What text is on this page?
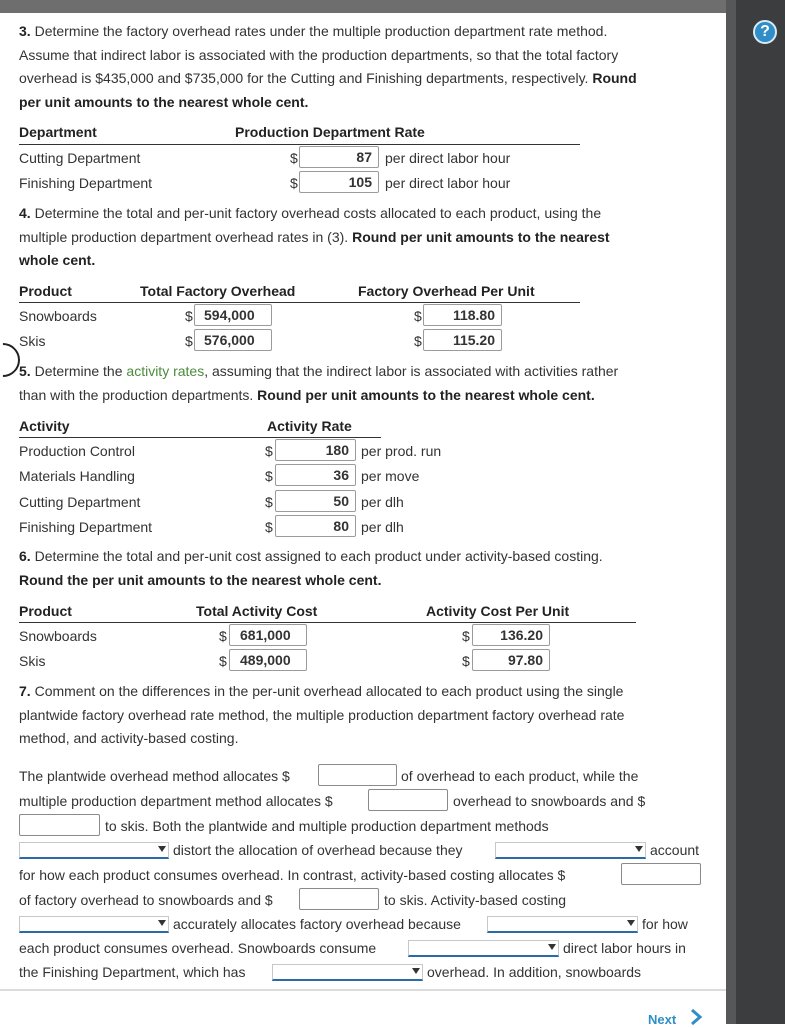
?
3. Determine the factory overhead rates under the multiple production department rate method.
Assume that indirect labor is associated with the production departments, so that the total factory
overhead is $435,000 and $735,000 for the Cutting and Finishing departments, respectively. Round
per unit amounts to the nearest whole cent.
Department	Production Department Rate
Cutting Department	$	87 per direct labor hour
Finishing Department	$	105 per direct labor hour
4. Determine the total and per-unit factory overhead costs allocated to each product, using the
multiple production department overhead rates in (3). Round per unit amounts to the nearest
whole cent.
Product	Total Factory Overhead	Factory Overhead Per Unit
Snowboards	$ 594,000	$	118.80
Skis	$ 576,000	$	115.20
5. Determine the activity rates, assuming that the indirect labor is associated with activities rather
than with the production departments. Round per unit amounts to the nearest whole cent.
Activity	Activity Rate
Production Control	$	180 per prod. run
Materials Handling	$	36 per move
Cutting Department	$	50 per dlh
Finishing Department	$	80 per dlh
6. Determine the total and per-unit cost assigned to each product under activity-based costing.
Round the per unit amounts to the nearest whole cent.
Product	Total Activity Cost	Activity Cost Per Unit
Snowboards	$ 681,000	$	136.20
Skis	$ 489,000	$	97.80
7. Comment on the differences in the per-unit overhead allocated to each product using the single
plantwide factory overhead rate method, the multiple production department factory overhead rate
method, and activity-based costing.
The plantwide overhead method allocates $	of overhead to each product, while the
multiple production department method allocates $	overhead to snowboards and $
to skis. Both the plantwide and multiple production department methods
distort the allocation of overhead because they	account
for how each product consumes overhead. In contrast, activity-based costing allocates $
of factory overhead to snowboards and $	to skis. Activity-based costing
accurately allocates factory overhead because	for how
each product consumes overhead. Snowboards consume	direct labor hours in
the Finishing Department, which has	overhead. In addition, snowboards
Next
